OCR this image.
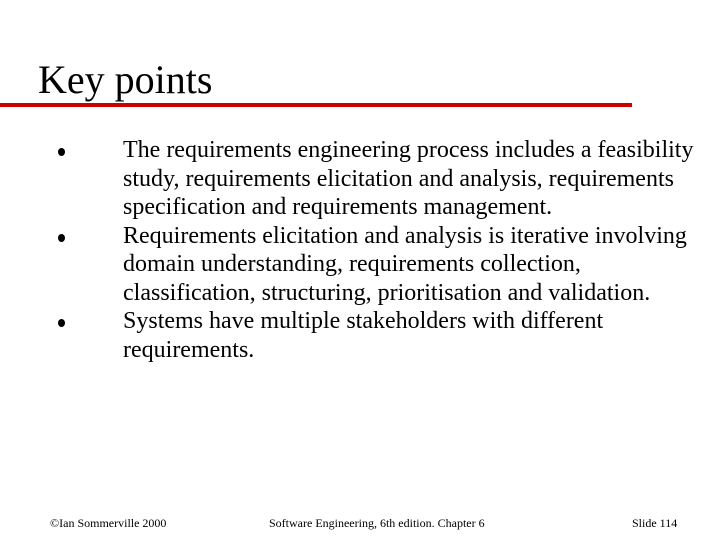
Key points
The requirements engineering process includes a feasibility study, requirements elicitation and analysis, requirements specification and requirements management.
Requirements elicitation and analysis is iterative involving domain understanding, requirements collection, classification, structuring, prioritisation and validation.
Systems have multiple stakeholders with different requirements.
©Ian Sommerville 2000	Software Engineering, 6th edition. Chapter 6	Slide 114
